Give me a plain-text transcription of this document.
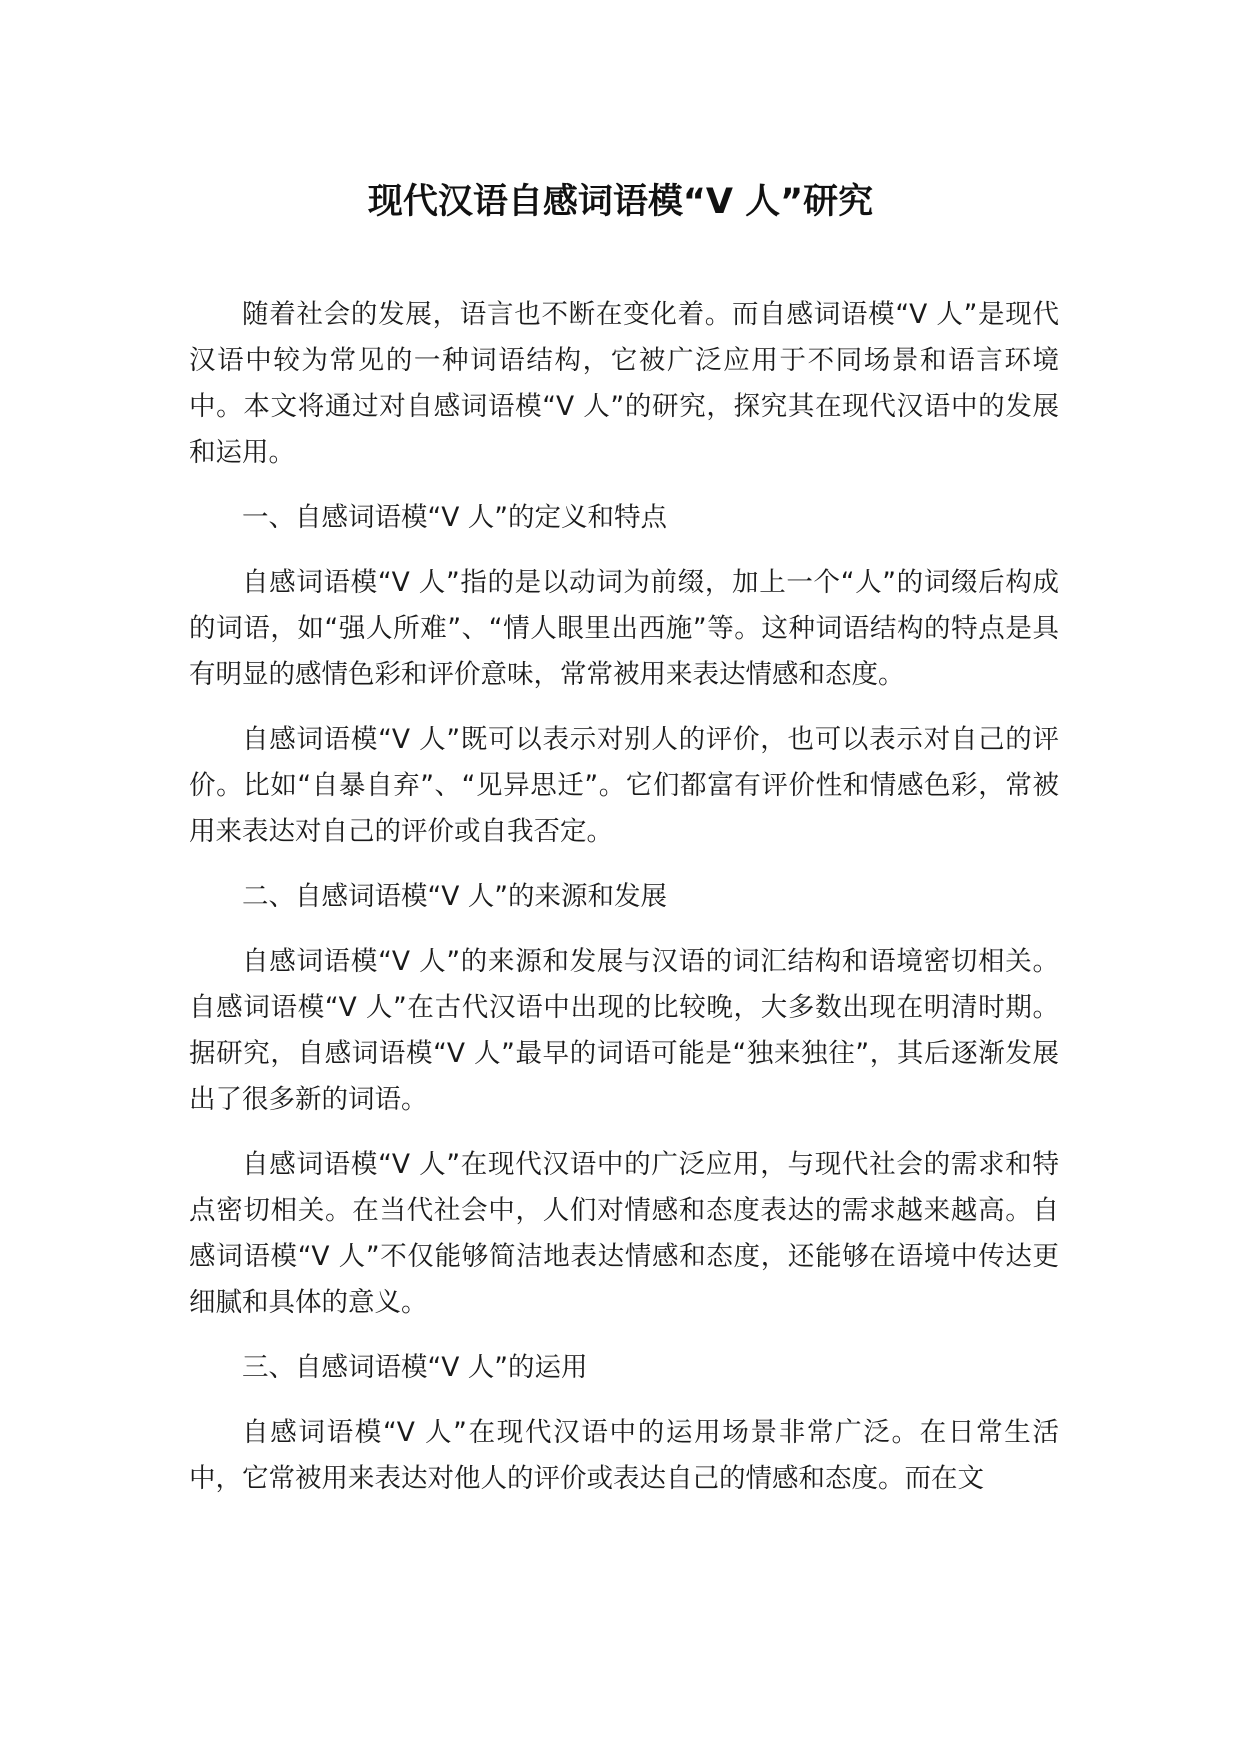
现代汉语自感词语模“V 人”研究

随着社会的发展，语言也不断在变化着。而自感词语模“V 人”是现代汉语中较为常见的一种词语结构，它被广泛应用于不同场景和语言环境中。本文将通过对自感词语模“V 人”的研究，探究其在现代汉语中的发展和运用。

一、自感词语模“V 人”的定义和特点

自感词语模“V 人”指的是以动词为前缀，加上一个“人”的词缀后构成的词语，如“强人所难”、“情人眼里出西施”等。这种词语结构的特点是具有明显的感情色彩和评价意味，常常被用来表达情感和态度。

自感词语模“V 人”既可以表示对别人的评价，也可以表示对自己的评价。比如“自暴自弃”、“见异思迁”。它们都富有评价性和情感色彩，常被用来表达对自己的评价或自我否定。

二、自感词语模“V 人”的来源和发展

自感词语模“V 人”的来源和发展与汉语的词汇结构和语境密切相关。自感词语模“V 人”在古代汉语中出现的比较晚，大多数出现在明清时期。据研究，自感词语模“V 人”最早的词语可能是“独来独往”，其后逐渐发展出了很多新的词语。

自感词语模“V 人”在现代汉语中的广泛应用，与现代社会的需求和特点密切相关。在当代社会中，人们对情感和态度表达的需求越来越高。自感词语模“V 人”不仅能够简洁地表达情感和态度，还能够在语境中传达更细腻和具体的意义。

三、自感词语模“V 人”的运用

自感词语模“V 人”在现代汉语中的运用场景非常广泛。在日常生活中，它常被用来表达对他人的评价或表达自己的情感和态度。而在文
